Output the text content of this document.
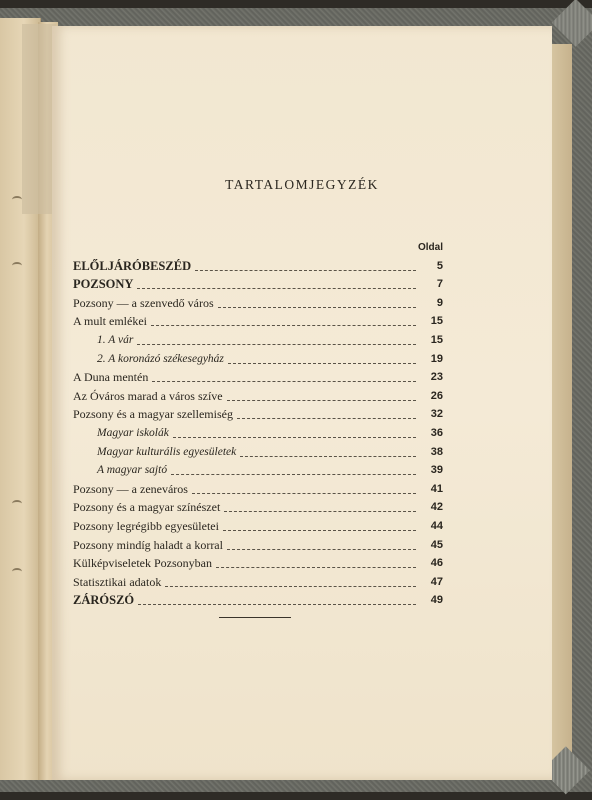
TARTALOMJEGYZÉK
Oldal
ELŐLJÁRÓBESZÉD	5
POZSONY	7
Pozsony — a szenvedő város	9
A mult emlékei	15
1. A vár	15
2. A koronázó székesegyház	19
A Duna mentén	23
Az Óváros marad a város szíve	26
Pozsony és a magyar szellemiség	32
Magyar iskolák	36
Magyar kulturális egyesületek	38
A magyar sajtó	39
Pozsony — a zeneváros	41
Pozsony és a magyar színészet	42
Pozsony legrégibb egyesületei	44
Pozsony mindíg haladt a korral	45
Külképviseletek Pozsonyban	46
Statisztikai adatok	47
ZÁRÓSZÓ	49
